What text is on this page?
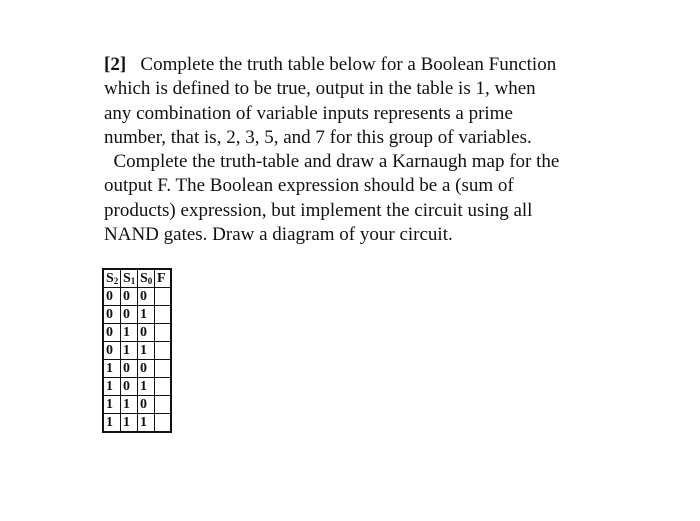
[2] Complete the truth table below for a Boolean Function
which is defined to be true, output in the table is 1, when
any combination of variable inputs represents a prime
number, that is, 2, 3, 5, and 7 for this group of variables.
Complete the truth-table and draw a Karnaugh map for the
output F. The Boolean expression should be a (sum of
products) expression, but implement the circuit using all
NAND gates. Draw a diagram of your circuit.
$S_2$	$S_1$	$S_0$	F
0	0	0	
0	0	1	
0	1	0	
0	1	1	
1	0	0	
1	0	1	
1	1	0	
1	1	1	
